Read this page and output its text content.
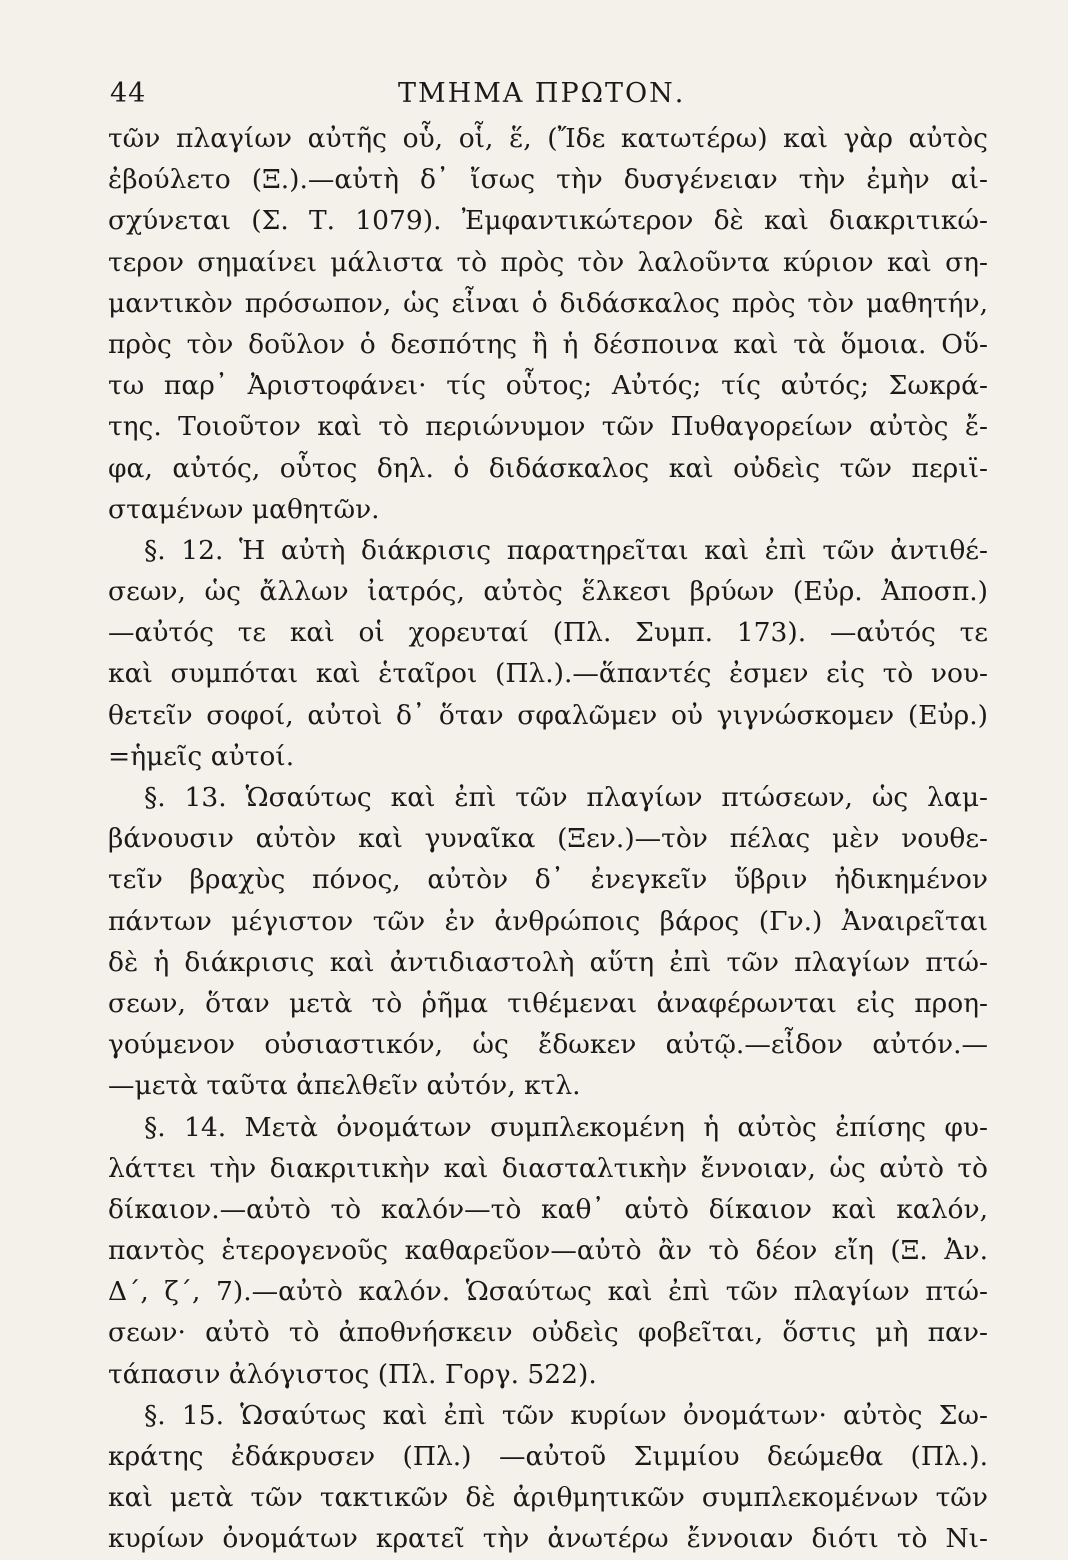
44	ΤΜΗΜΑ ΠΡΩΤΟΝ.
τῶν πλαγίων αὐτῆς οὗ, οἷ, ἕ, (Ἴδε κατωτέρω) καὶ γὰρ αὐτὸς
ἐβούλετο (Ξ.).—αὐτὴ δ᾽ ἴσως τὴν δυσγένειαν τὴν ἐμὴν αἰ-
σχύνεται (Σ. Τ. 1079). Ἐμφαντικώτερον δὲ καὶ διακριτικώ-
τερον σημαίνει μάλιστα τὸ πρὸς τὸν λαλοῦντα κύριον καὶ ση-
μαντικὸν πρόσωπον, ὡς εἶναι ὁ διδάσκαλος πρὸς τὸν μαθητήν,
πρὸς τὸν δοῦλον ὁ δεσπότης ἢ ἡ δέσποινα καὶ τὰ ὅμοια. Οὕ-
τω παρ᾽ Ἀριστοφάνει· τίς οὗτος; Αὐτός; τίς αὐτός; Σωκρά-
της. Τοιοῦτον καὶ τὸ περιώνυμον τῶν Πυθαγορείων αὐτὸς ἔ-
φα, αὐτός, οὗτος δηλ. ὁ διδάσκαλος καὶ οὐδεὶς τῶν περιϊ-
σταμένων μαθητῶν.
§. 12. Ἡ αὐτὴ διάκρισις παρατηρεῖται καὶ ἐπὶ τῶν ἀντιθέ-
σεων, ὡς ἄλλων ἰατρός, αὐτὸς ἕλκεσι βρύων (Εὐρ. Ἀποσπ.)
—αὐτός τε καὶ οἱ χορευταί (Πλ. Συμπ. 173). —αὐτός τε
καὶ συμπόται καὶ ἑταῖροι (Πλ.).—ἅπαντές ἐσμεν εἰς τὸ νου-
θετεῖν σοφοί, αὐτοὶ δ᾽ ὅταν σφαλῶμεν οὐ γιγνώσκομεν (Εὐρ.)
=ἡμεῖς αὐτοί.
§. 13. Ὡσαύτως καὶ ἐπὶ τῶν πλαγίων πτώσεων, ὡς λαμ-
βάνουσιν αὐτὸν καὶ γυναῖκα (Ξεν.)—τὸν πέλας μὲν νουθε-
τεῖν βραχὺς πόνος, αὐτὸν δ᾽ ἐνεγκεῖν ὕβριν ἠδικημένον
πάντων μέγιστον τῶν ἐν ἀνθρώποις βάρος (Γν.) Ἀναιρεῖται
δὲ ἡ διάκρισις καὶ ἀντιδιαστολὴ αὕτη ἐπὶ τῶν πλαγίων πτώ-
σεων, ὅταν μετὰ τὸ ῥῆμα τιθέμεναι ἀναφέρωνται εἰς προη-
γούμενον οὐσιαστικόν, ὡς ἔδωκεν αὐτῷ.—εἶδον αὐτόν.—
—μετὰ ταῦτα ἀπελθεῖν αὐτόν, κτλ.
§. 14. Μετὰ ὀνομάτων συμπλεκομένη ἡ αὐτὸς ἐπίσης φυ-
λάττει τὴν διακριτικὴν καὶ διασταλτικὴν ἔννοιαν, ὡς αὐτὸ τὸ
δίκαιον.—αὐτὸ τὸ καλόν—τὸ καθ᾽ αὑτὸ δίκαιον καὶ καλόν,
παντὸς ἑτερογενοῦς καθαρεῦον—αὐτὸ ἂν τὸ δέον εἴη (Ξ. Ἀν.
Δ´, ζ´, 7).—αὐτὸ καλόν. Ὡσαύτως καὶ ἐπὶ τῶν πλαγίων πτώ-
σεων· αὐτὸ τὸ ἀποθνήσκειν οὐδεὶς φοβεῖται, ὅστις μὴ παν-
τάπασιν ἀλόγιστος (Πλ. Γοργ. 522).
§. 15. Ὡσαύτως καὶ ἐπὶ τῶν κυρίων ὀνομάτων· αὐτὸς Σω-
κράτης ἐδάκρυσεν (Πλ.) —αὐτοῦ Σιμμίου δεώμεθα (Πλ.).
καὶ μετὰ τῶν τακτικῶν δὲ ἀριθμητικῶν συμπλεκομένων τῶν
κυρίων ὀνομάτων κρατεῖ τὴν ἀνωτέρω ἔννοιαν διότι τὸ Νι-
